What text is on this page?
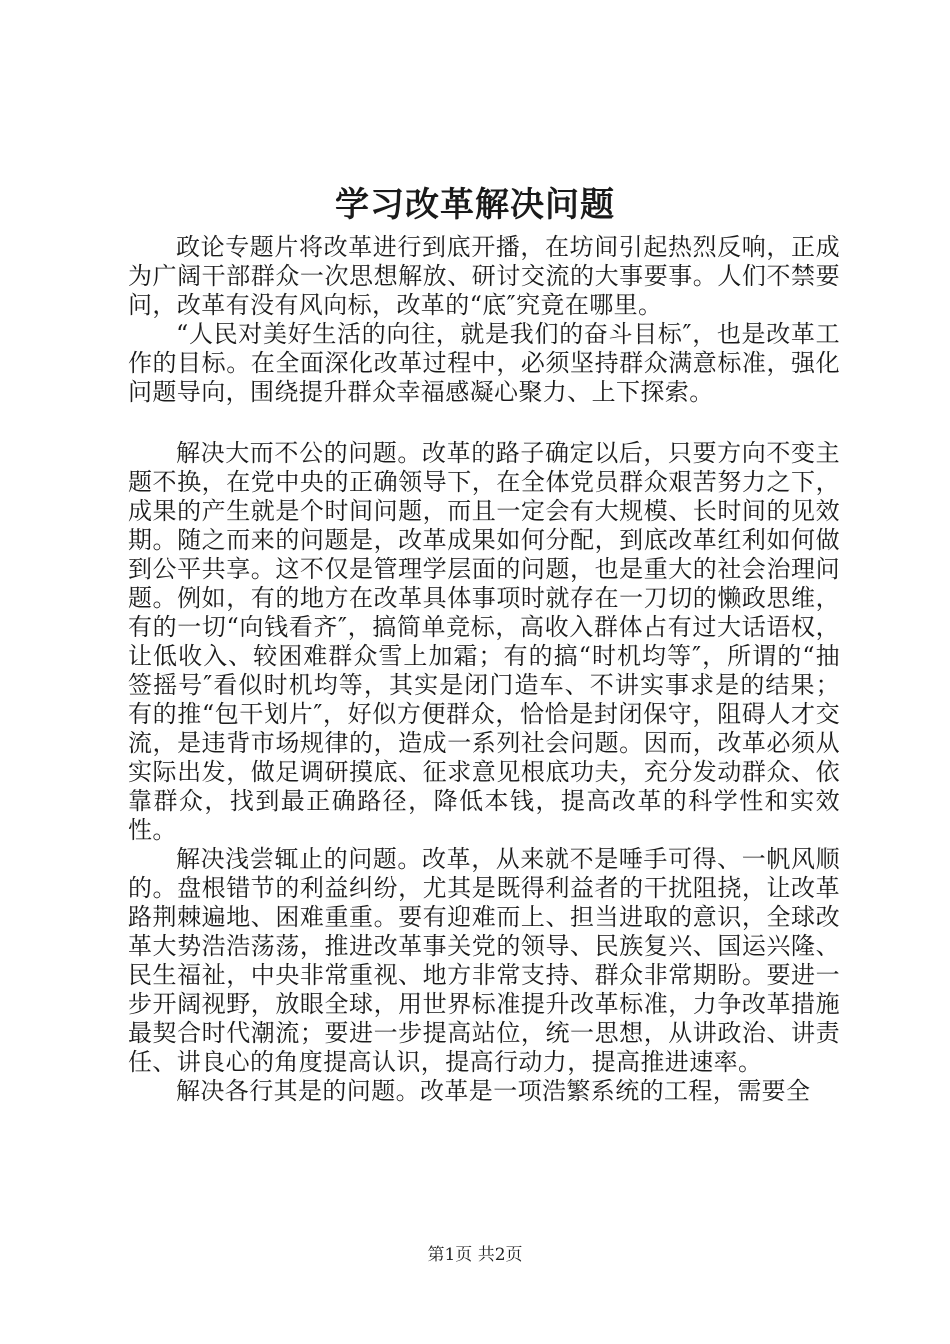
学习改革解决问题

政论专题片将改革进行到底开播，在坊间引起热烈反响，正成为广阔干部群众一次思想解放、研讨交流的大事要事。人们不禁要问，改革有没有风向标，改革的“底″究竟在哪里。

“人民对美好生活的向往，就是我们的奋斗目标″，也是改革工作的目标。在全面深化改革过程中，必须坚持群众满意标准，强化问题导向，围绕提升群众幸福感凝心聚力、上下探索。

解决大而不公的问题。改革的路子确定以后，只要方向不变主题不换，在党中央的正确领导下，在全体党员群众艰苦努力之下，成果的产生就是个时间问题，而且一定会有大规模、长时间的见效期。随之而来的问题是，改革成果如何分配，到底改革红利如何做到公平共享。这不仅是管理学层面的问题，也是重大的社会治理问题。例如，有的地方在改革具体事项时就存在一刀切的懒政思维，有的一切“向钱看齐″，搞简单竞标，高收入群体占有过大话语权，让低收入、较困难群众雪上加霜；有的搞“时机均等″，所谓的“抽签摇号″看似时机均等，其实是闭门造车、不讲实事求是的结果；有的推“包干划片″，好似方便群众，恰恰是封闭保守，阻碍人才交流，是违背市场规律的，造成一系列社会问题。因而，改革必须从实际出发，做足调研摸底、征求意见根底功夫，充分发动群众、依靠群众，找到最正确路径，降低本钱，提高改革的科学性和实效性。

解决浅尝辄止的问题。改革，从来就不是唾手可得、一帆风顺的。盘根错节的利益纠纷，尤其是既得利益者的干扰阻挠，让改革路荆棘遍地、困难重重。要有迎难而上、担当进取的意识，全球改革大势浩浩荡荡，推进改革事关党的领导、民族复兴、国运兴隆、民生福祉，中央非常重视、地方非常支持、群众非常期盼。要进一步开阔视野，放眼全球，用世界标准提升改革标准，力争改革措施最契合时代潮流；要进一步提高站位，统一思想，从讲政治、讲责任、讲良心的角度提高认识，提高行动力，提高推进速率。

解决各行其是的问题。改革是一项浩繁系统的工程，需要全

第1页 共2页
